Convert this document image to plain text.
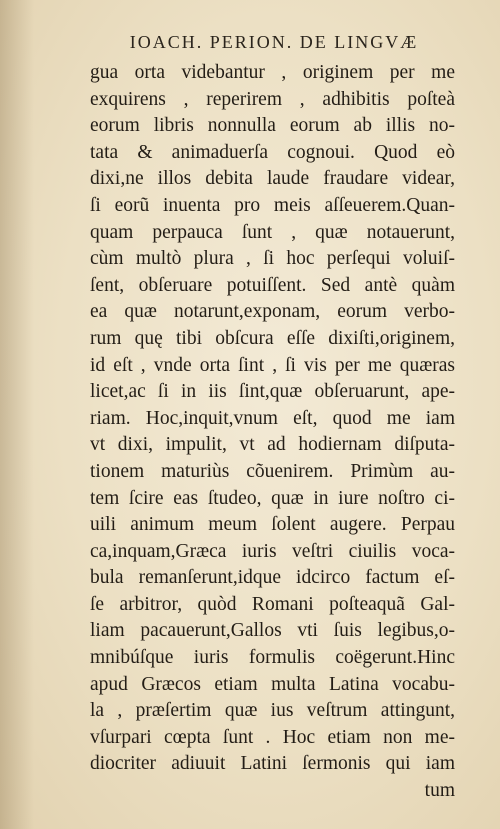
IOACH. PERION. DE LINGVÆ
gua orta videbantur , originem per me
exquirens , reperirem , adhibitis poſteà
eorum libris nonnulla eorum ab illis no-
tata & animaduerſa cognoui. Quod eò
dixi,ne illos debita laude fraudare videar,
ſi eorũ inuenta pro meis aſſeuerem.Quan-
quam perpauca ſunt , quæ notauerunt,
cùm multò plura , ſi hoc perſequi voluiſ-
ſent, obſeruare potuiſſent. Sed antè quàm
ea quæ notarunt,exponam, eorum verbo-
rum quę tibi obſcura eſſe dixiſti,originem,
id eſt , vnde orta ſint , ſi vis per me quæras
licet,ac ſi in iis ſint,quæ obſeruarunt, ape-
riam. Hoc,inquit,vnum eſt, quod me iam
vt dixi, impulit, vt ad hodiernam diſputa-
tionem maturiùs cõuenirem. Primùm au-
tem ſcire eas ſtudeo, quæ in iure noſtro ci-
uili animum meum ſolent augere. Perpau
ca,inquam,Græca iuris veſtri ciuilis voca-
bula remanſerunt,idque idcirco factum eſ-
ſe arbitror, quòd Romani poſteaquã Gal-
liam pacauerunt,Gallos vti ſuis legibus,o-
mnibúſque iuris formulis coëgerunt.Hinc
apud Græcos etiam multa Latina vocabu-
la , præſertim quæ ius veſtrum attingunt,
vſurpari cœpta ſunt . Hoc etiam non me-
diocriter adiuuit Latini ſermonis qui iam
tum
